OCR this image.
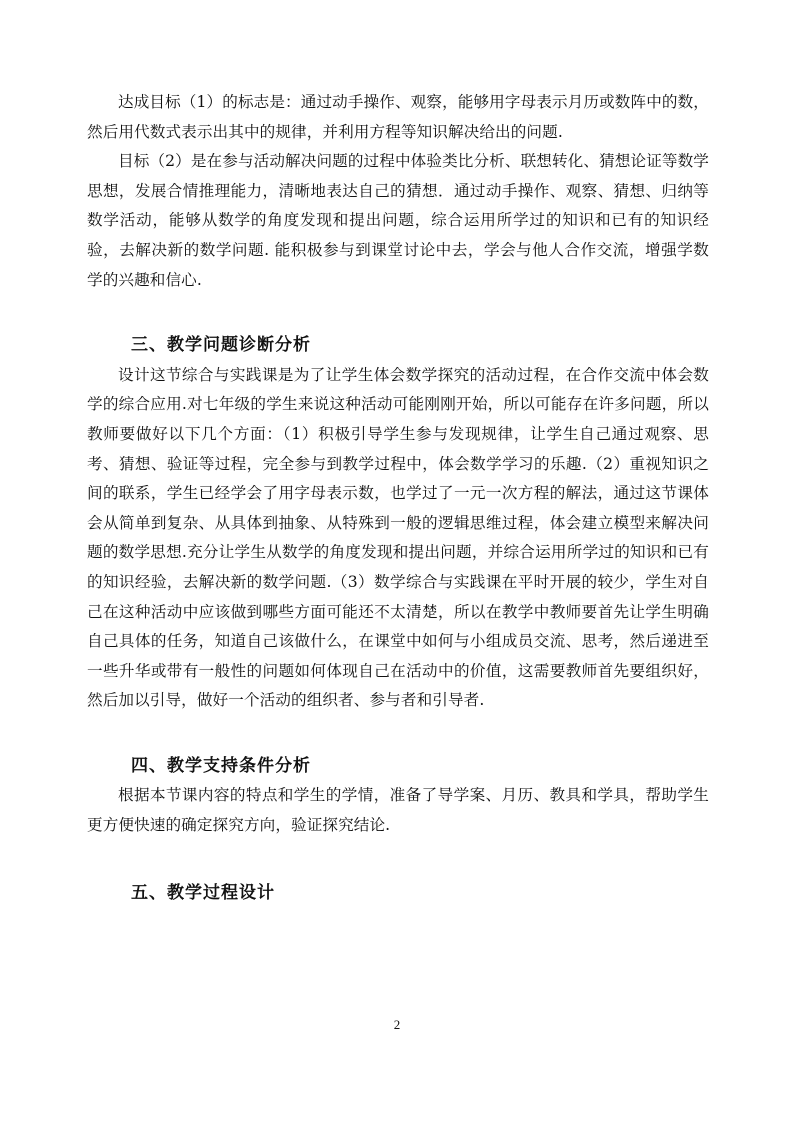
达成目标（1）的标志是：通过动手操作、观察，能够用字母表示月历或数阵中的数，然后用代数式表示出其中的规律，并利用方程等知识解决给出的问题.

目标（2）是在参与活动解决问题的过程中体验类比分析、联想转化、猜想论证等数学思想，发展合情推理能力，清晰地表达自己的猜想．通过动手操作、观察、猜想、归纳等数学活动，能够从数学的角度发现和提出问题，综合运用所学过的知识和已有的知识经验，去解决新的数学问题. 能积极参与到课堂讨论中去，学会与他人合作交流，增强学数学的兴趣和信心.

三、教学问题诊断分析

设计这节综合与实践课是为了让学生体会数学探究的活动过程，在合作交流中体会数学的综合应用.对七年级的学生来说这种活动可能刚刚开始，所以可能存在许多问题，所以教师要做好以下几个方面：（1）积极引导学生参与发现规律，让学生自己通过观察、思考、猜想、验证等过程，完全参与到教学过程中，体会数学学习的乐趣.（2）重视知识之间的联系，学生已经学会了用字母表示数，也学过了一元一次方程的解法，通过这节课体会从简单到复杂、从具体到抽象、从特殊到一般的逻辑思维过程，体会建立模型来解决问题的数学思想.充分让学生从数学的角度发现和提出问题，并综合运用所学过的知识和已有的知识经验，去解决新的数学问题.（3）数学综合与实践课在平时开展的较少，学生对自己在这种活动中应该做到哪些方面可能还不太清楚，所以在教学中教师要首先让学生明确自己具体的任务，知道自己该做什么，在课堂中如何与小组成员交流、思考，然后递进至一些升华或带有一般性的问题如何体现自己在活动中的价值，这需要教师首先要组织好，然后加以引导，做好一个活动的组织者、参与者和引导者.

四、教学支持条件分析

根据本节课内容的特点和学生的学情，准备了导学案、月历、教具和学具，帮助学生更方便快速的确定探究方向，验证探究结论.

五、教学过程设计
2
